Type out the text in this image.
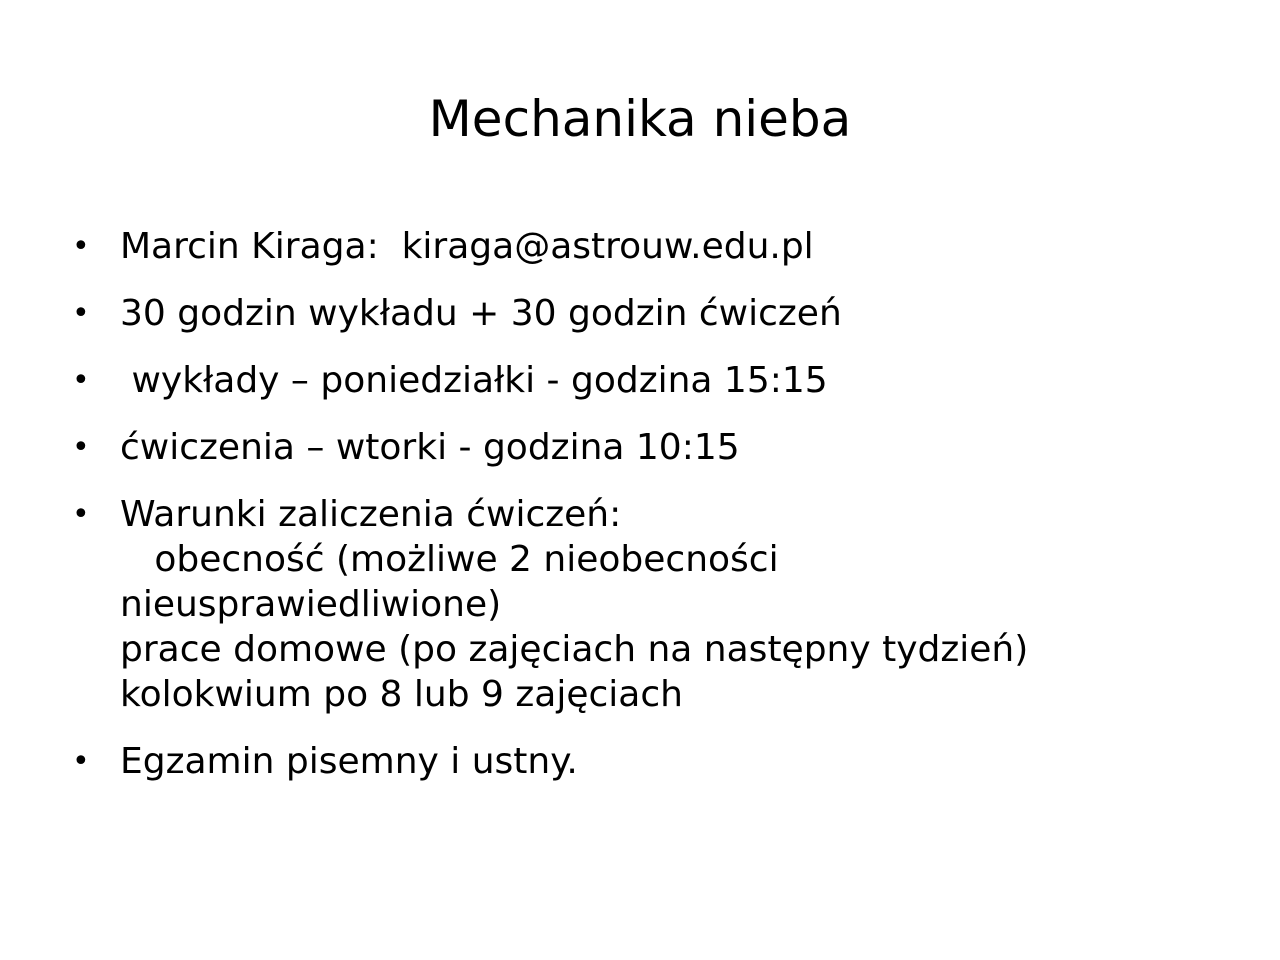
Mechanika nieba
• Marcin Kiraga:  kiraga@astrouw.edu.pl
• 30 godzin wykładu + 30 godzin ćwiczeń
• wykłady – poniedziałki - godzina 15:15
• ćwiczenia – wtorki - godzina 10:15
• Warunki zaliczenia ćwiczeń:
obecność (możliwe 2 nieobecności
nieusprawiedliwione)
prace domowe (po zajęciach na następny tydzień)
kolokwium po 8 lub 9 zajęciach
• Egzamin pisemny i ustny.
